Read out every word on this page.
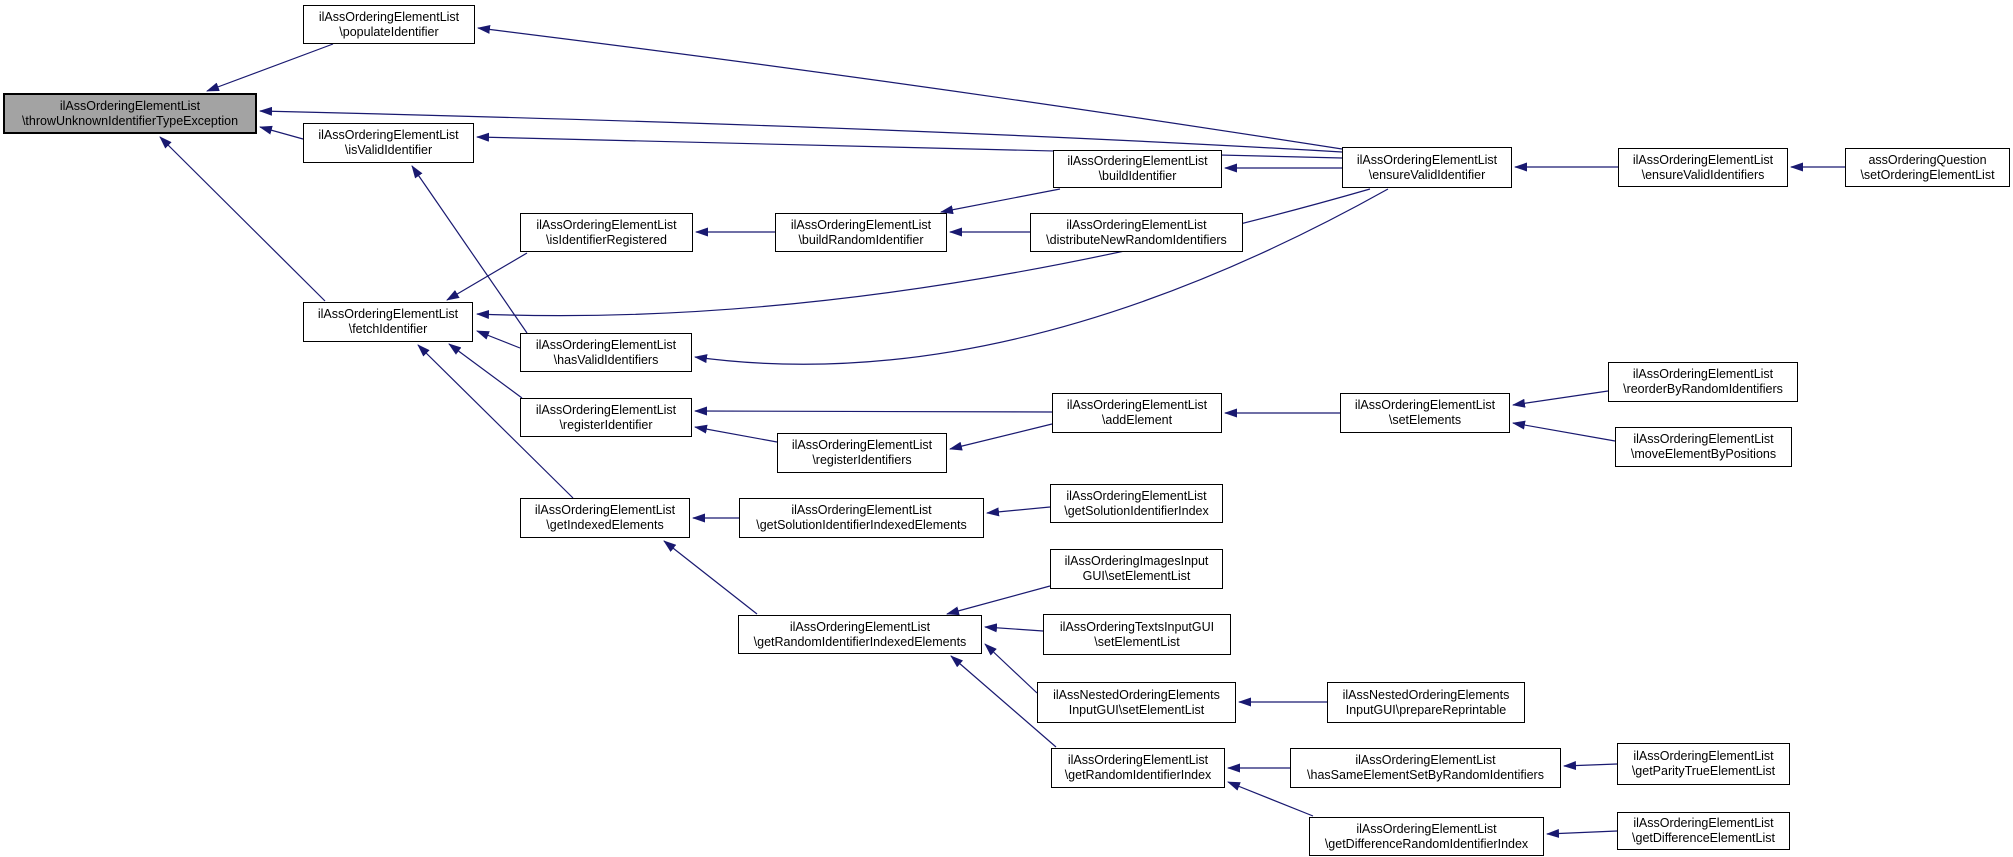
ilAssOrderingElementList
\throwUnknownIdentifierTypeException
ilAssOrderingElementList
\populateIdentifier
ilAssOrderingElementList
\isValidIdentifier
ilAssOrderingElementList
\buildIdentifier
ilAssOrderingElementList
\ensureValidIdentifier
ilAssOrderingElementList
\ensureValidIdentifiers
assOrderingQuestion
\setOrderingElementList
ilAssOrderingElementList
\isIdentifierRegistered
ilAssOrderingElementList
\buildRandomIdentifier
ilAssOrderingElementList
\distributeNewRandomIdentifiers
ilAssOrderingElementList
\fetchIdentifier
ilAssOrderingElementList
\hasValidIdentifiers
ilAssOrderingElementList
\registerIdentifier
ilAssOrderingElementList
\addElement
ilAssOrderingElementList
\setElements
ilAssOrderingElementList
\reorderByRandomIdentifiers
ilAssOrderingElementList
\moveElementByPositions
ilAssOrderingElementList
\registerIdentifiers
ilAssOrderingElementList
\getIndexedElements
ilAssOrderingElementList
\getSolutionIdentifierIndexedElements
ilAssOrderingElementList
\getSolutionIdentifierIndex
ilAssOrderingImagesInput
GUI\setElementList
ilAssOrderingTextsInputGUI
\setElementList
ilAssOrderingElementList
\getRandomIdentifierIndexedElements
ilAssNestedOrderingElements
InputGUI\setElementList
ilAssNestedOrderingElements
InputGUI\prepareReprintable
ilAssOrderingElementList
\getRandomIdentifierIndex
ilAssOrderingElementList
\hasSameElementSetByRandomIdentifiers
ilAssOrderingElementList
\getDifferenceRandomIdentifierIndex
ilAssOrderingElementList
\getParityTrueElementList
ilAssOrderingElementList
\getDifferenceElementList
